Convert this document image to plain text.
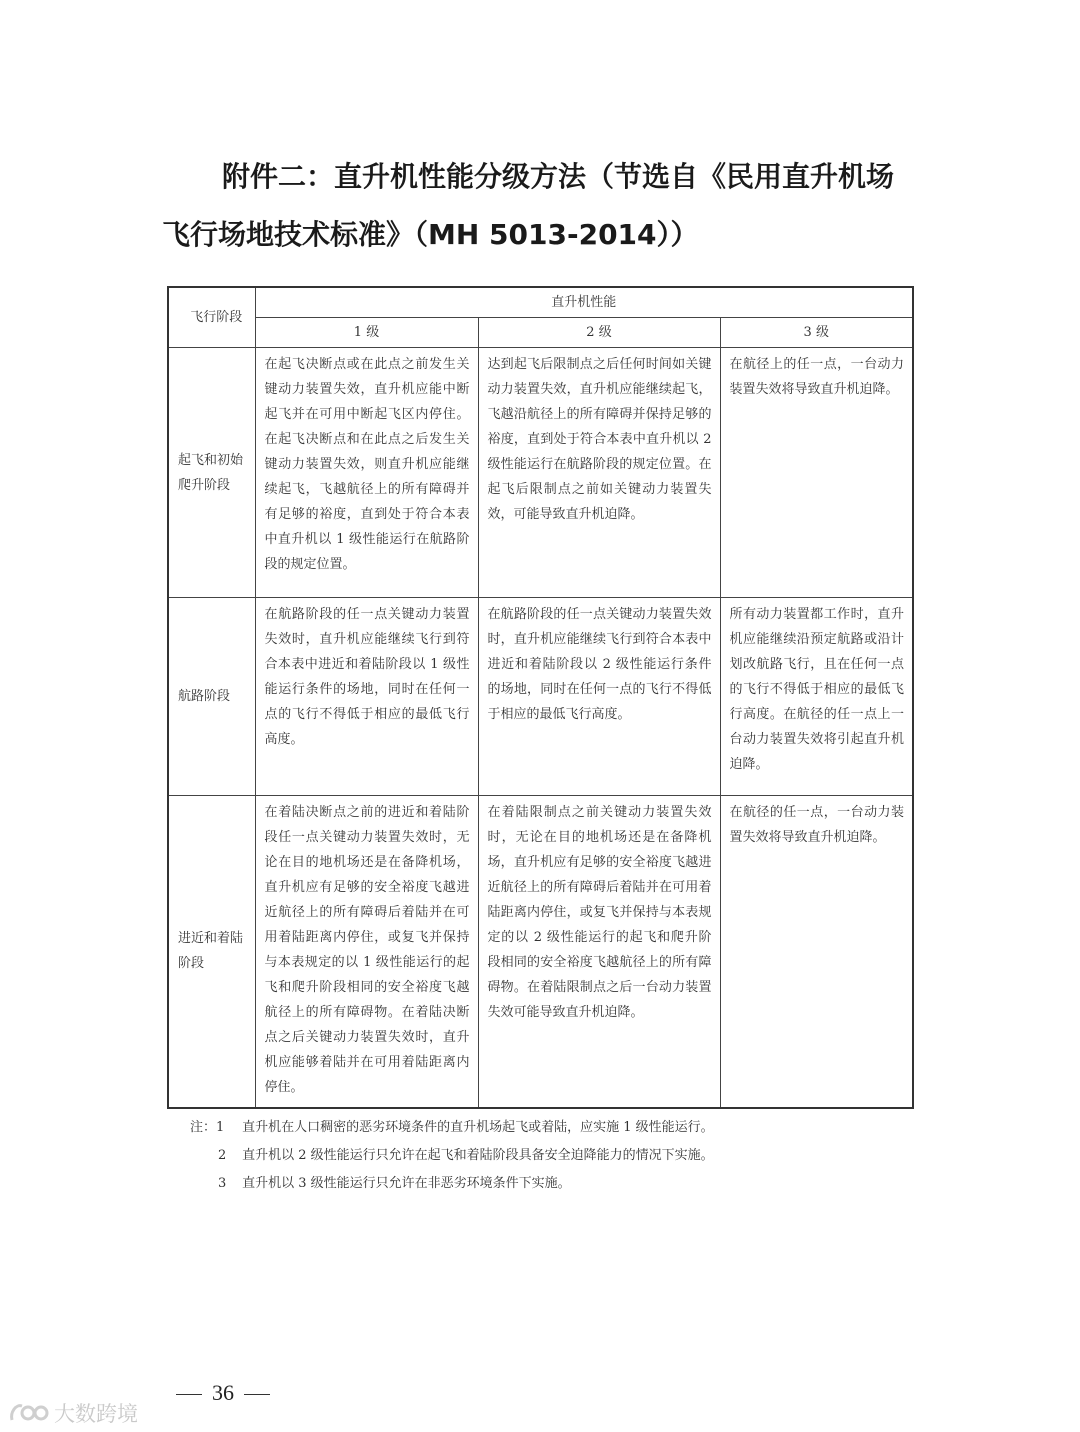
附件二：直升机性能分级方法（节选自《民用直升机场
飞行场地技术标准》（MH 5013-2014））
飞行阶段	直升机性能		
	1 级	2 级	3 级
起飞和初始爬升阶段	在起飞决断点或在此点之前发生关键动力装置失效，直升机应能中断起飞并在可用中断起飞区内停住。在起飞决断点和在此点之后发生关键动力装置失效，则直升机应能继续起飞，飞越航径上的所有障碍并有足够的裕度，直到处于符合本表中直升机以 1 级性能运行在航路阶段的规定位置。	达到起飞后限制点之后任何时间如关键动力装置失效，直升机应能继续起飞，飞越沿航径上的所有障碍并保持足够的裕度，直到处于符合本表中直升机以 2 级性能运行在航路阶段的规定位置。在起飞后限制点之前如关键动力装置失效，可能导致直升机迫降。	在航径上的任一点，一台动力装置失效将导致直升机迫降。
航路阶段	在航路阶段的任一点关键动力装置失效时，直升机应能继续飞行到符合本表中进近和着陆阶段以 1 级性能运行条件的场地，同时在任何一点的飞行不得低于相应的最低飞行高度。	在航路阶段的任一点关键动力装置失效时，直升机应能继续飞行到符合本表中进近和着陆阶段以 2 级性能运行条件的场地，同时在任何一点的飞行不得低于相应的最低飞行高度。	所有动力装置都工作时，直升机应能继续沿预定航路或沿计划改航路飞行，且在任何一点的飞行不得低于相应的最低飞行高度。在航径的任一点上一台动力装置失效将引起直升机迫降。
进近和着陆阶段	在着陆决断点之前的进近和着陆阶段任一点关键动力装置失效时，无论在目的地机场还是在备降机场，直升机应有足够的安全裕度飞越进近航径上的所有障碍后着陆并在可用着陆距离内停住，或复飞并保持与本表规定的以 1 级性能运行的起飞和爬升阶段相同的安全裕度飞越航径上的所有障碍物。在着陆决断点之后关键动力装置失效时，直升机应能够着陆并在可用着陆距离内停住。	在着陆限制点之前关键动力装置失效时，无论在目的地机场还是在备降机场，直升机应有足够的安全裕度飞越进近航径上的所有障碍后着陆并在可用着陆距离内停住，或复飞并保持与本表规定的以 2 级性能运行的起飞和爬升阶段相同的安全裕度飞越航径上的所有障碍物。在着陆限制点之后一台动力装置失效可能导致直升机迫降。	在航径的任一点，一台动力装置失效将导致直升机迫降。
注：1 直升机在人口稠密的恶劣环境条件的直升机场起飞或着陆，应实施 1 级性能运行。
2 直升机以 2 级性能运行只允许在起飞和着陆阶段具备安全迫降能力的情况下实施。
3 直升机以 3 级性能运行只允许在非恶劣环境条件下实施。
36
大数跨境
